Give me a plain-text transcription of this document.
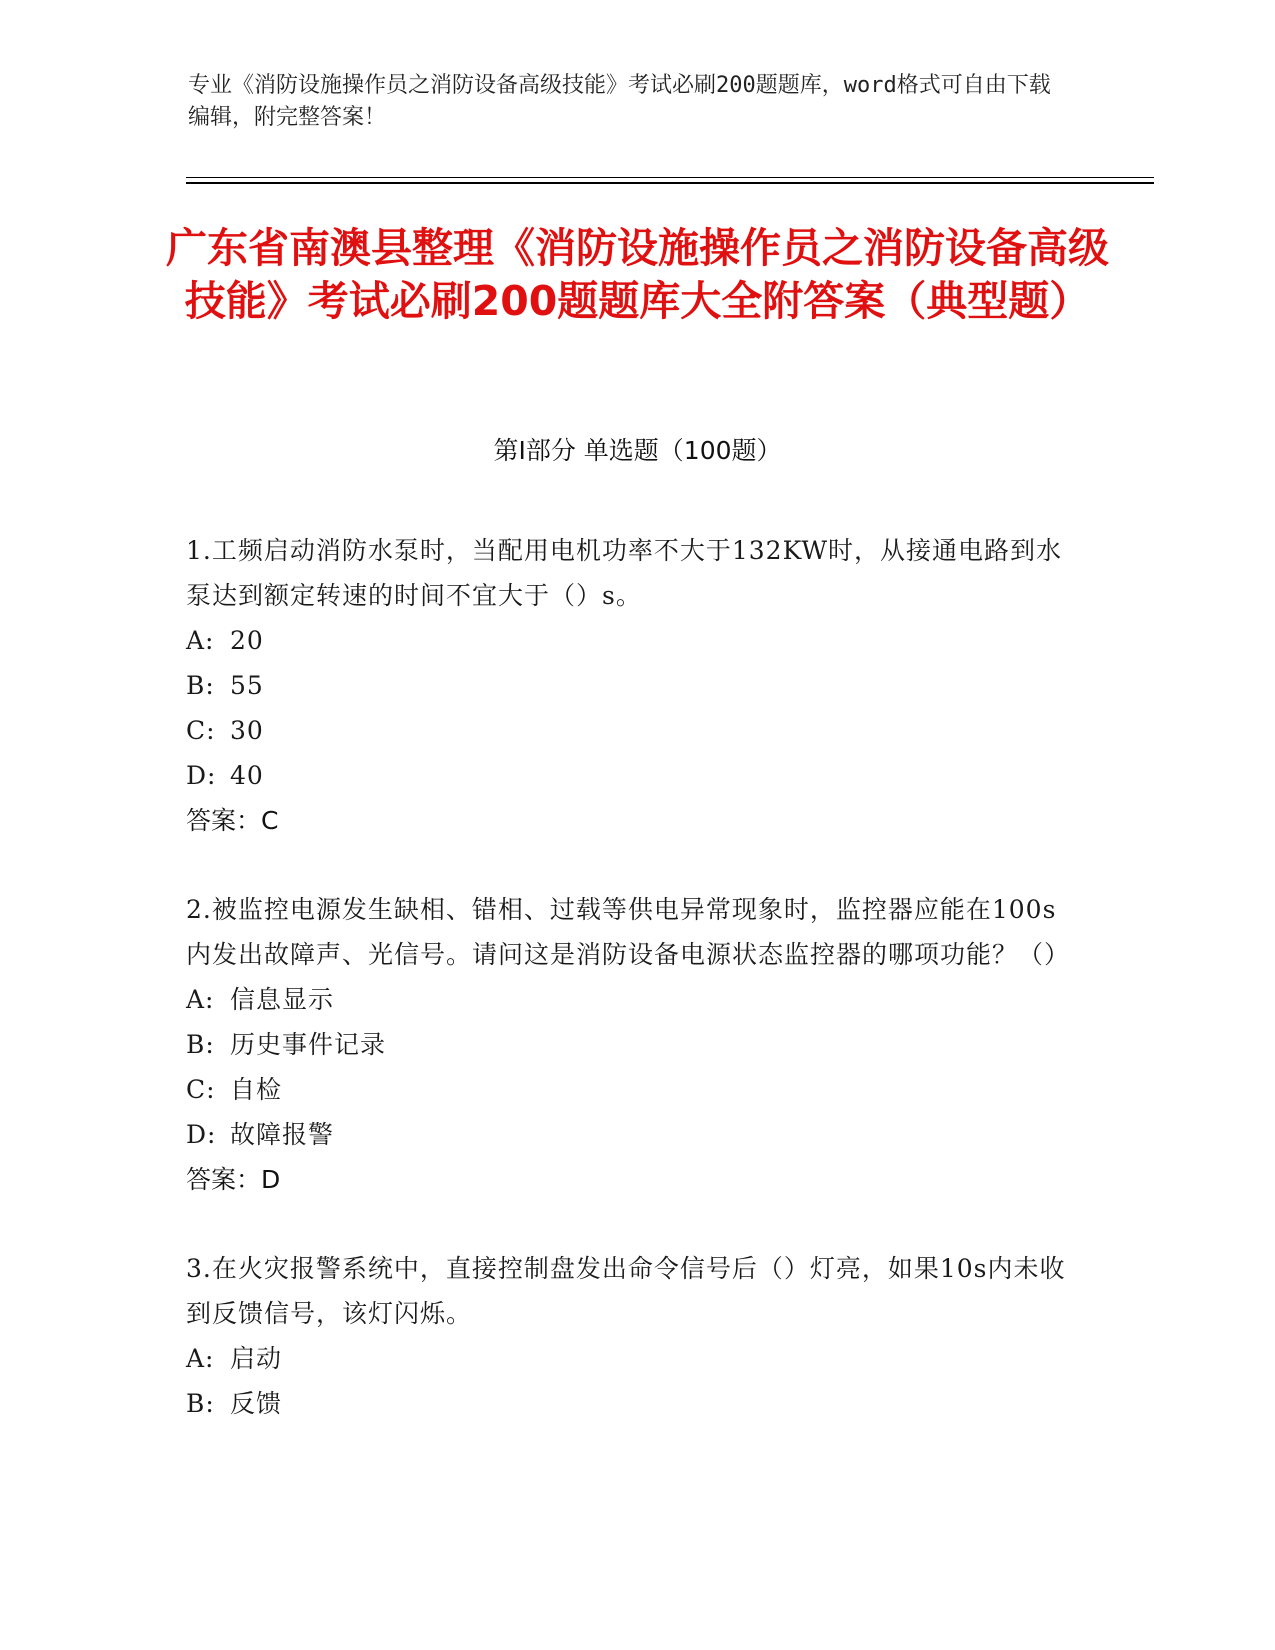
专业《消防设施操作员之消防设备高级技能》考试必刷200题题库，word格式可自由下载编辑，附完整答案！
广东省南澳县整理《消防设施操作员之消防设备高级技能》考试必刷200题题库大全附答案（典型题）
第I部分 单选题（100题）
1.工频启动消防水泵时，当配用电机功率不大于132KW时，从接通电路到水泵达到额定转速的时间不宜大于（）s。
A: 20
B: 55
C: 30
D: 40
答案：C
2.被监控电源发生缺相、错相、过载等供电异常现象时，监控器应能在100s内发出故障声、光信号。请问这是消防设备电源状态监控器的哪项功能？（）
A: 信息显示
B: 历史事件记录
C: 自检
D: 故障报警
答案：D
3.在火灾报警系统中，直接控制盘发出命令信号后（）灯亮，如果10s内未收到反馈信号，该灯闪烁。
A: 启动
B: 反馈
